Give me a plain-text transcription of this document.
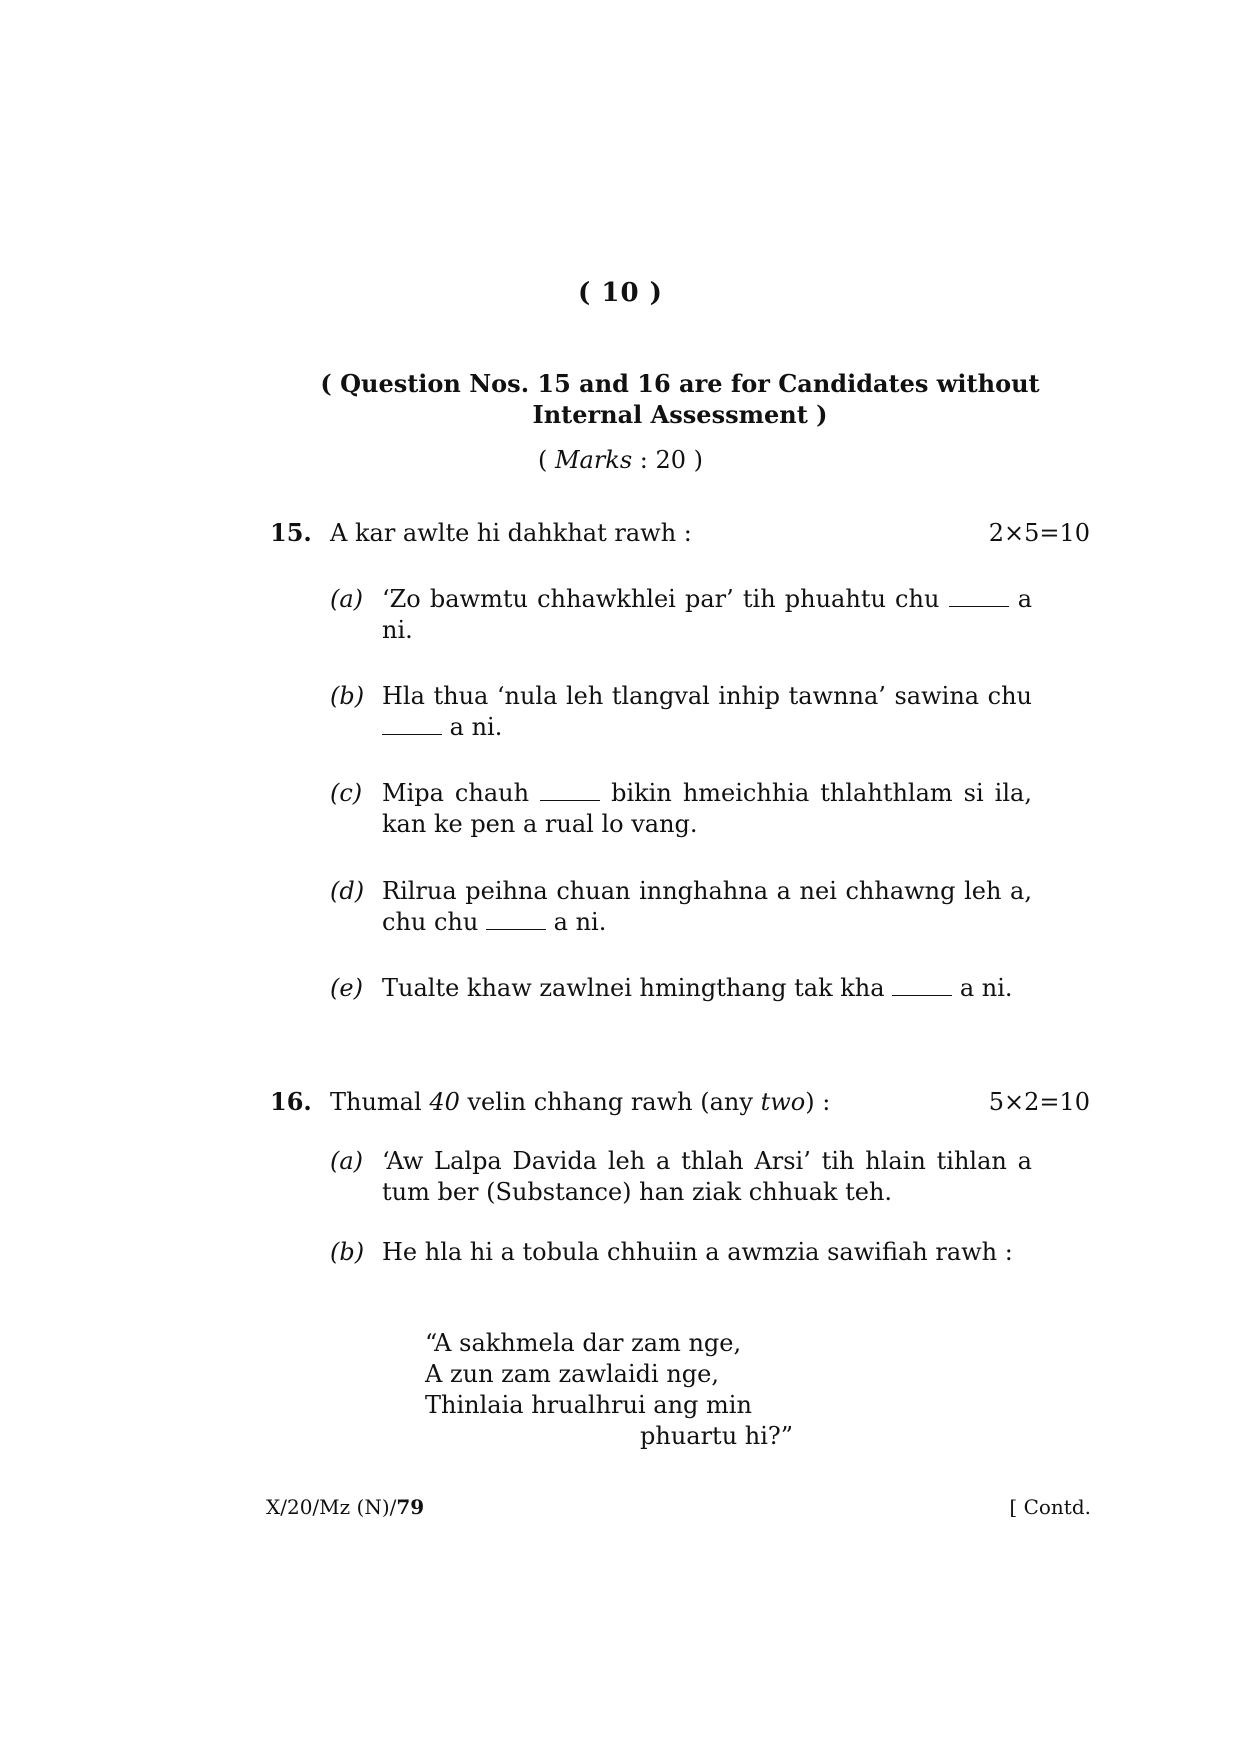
( 10 )
( Question Nos. 15 and 16 are for Candidates without Internal Assessment )
( Marks : 20 )
15. A kar awlte hi dahkhat rawh :	2×5=10
(a) ‘Zo bawmtu chhawkhlei par’ tih phuahtu chu	a ni.
(b) Hla thua ‘nula leh tlangval inhip tawnna’ sawina chu  a ni.
(c) Mipa chauh	bikin hmeichhia thlahthlam si ila, kan ke pen a rual lo vang.
(d) Rilrua peihna chuan innghahna a nei chhawng leh a, chu chu	a ni.
(e) Tualte khaw zawlnei hmingthang tak kha	a ni.
16. Thumal 40 velin chhang rawh (any two) :	5×2=10
(a) ‘Aw Lalpa Davida leh a thlah Arsi’ tih hlain tihlan a tum ber (Substance) han ziak chhuak teh.
(b) He hla hi a tobula chhuiin a awmzia sawifiah rawh :
“A sakhmela dar zam nge,
A zun zam zawlaidi nge,
Thinlaia hrualhrui ang min
phuartu hi?”
X/20/Mz (N)/79	[ Contd.
